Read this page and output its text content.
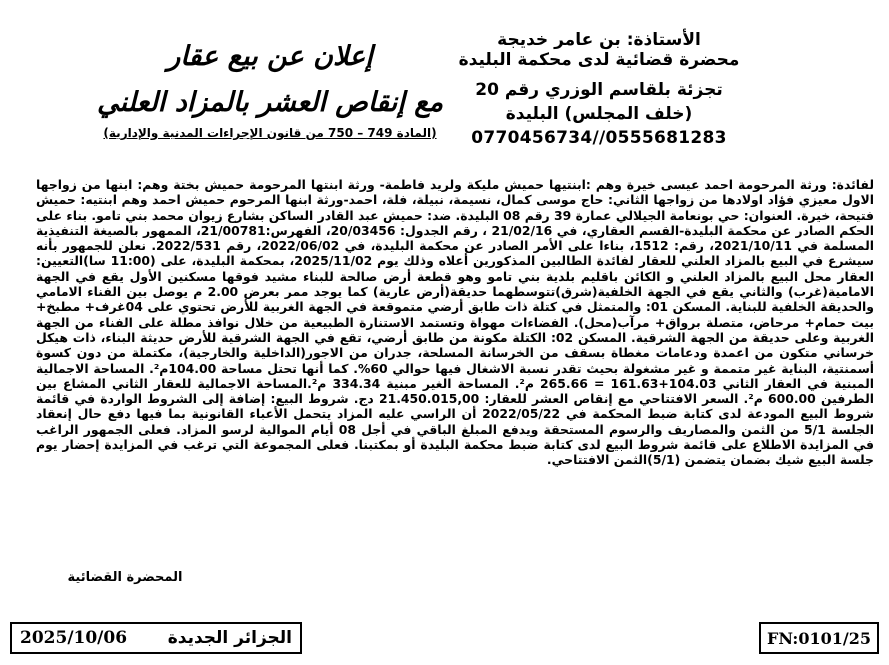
الأستاذة: بن عامر خديجة
محضرة قضائية لدى محكمة البليدة
تجزئة بلقاسم الوزري رقم 20
(خلف المجلس) البليدة
0770456734//0555681283
إعلان عن بيع عقار
مع إنقاص العشر بالمزاد العلني
(المادة 749 – 750 من قانون الإجراءات المدنية والإدارية)

لفائدة: ورثة المرحومة احمد عيسى خيرة وهم :ابنتيها حميش مليكة ولريد فاطمة- ورثة ابنتها المرحومة حميش بختة وهم: ابنها من زواجها الاول معيزي فؤاد اولادها من زواجها الثاني: حاج موسى كمال، نسيمة، نبيلة، فلة، احمد-ورثة ابنها المرحوم حميش احمد وهم ابنتيه: حميش فتيحة، خيرة. العنوان: حي بونعامة الجيلالي عمارة 39 رقم 08 البليدة. ضد: حميش عبد القادر الساكن بشارع زيوان محمد بني تامو. بناء على الحكم الصادر عن محكمة البليدة-القسم العقاري، في 21/02/16 ، رقم الجدول: 20/03456، الفهرس:21/00781، الممهور بالصيغة التنفيذية المسلمة في 2021/10/11، رقم: 1512، بناءا على الأمر الصادر عن محكمة البليدة، في 2022/06/02، رقم 2022/531. نعلن للجمهور بأنه سيشرع في البيع بالمزاد العلني للعقار لفائدة الطالبين المذكورين أعلاه وذلك يوم 2025/11/02، بمحكمة البليدة، على (11:00 سا)التعيين: العقار محل البيع بالمزاد العلني و الكائن باقليم بلدية بني تامو وهو قطعة أرض صالحة للبناء مشيد فوقها مسكنين الأول يقع في الجهة الامامية(غرب) والثاني يقع في الجهة الخلفية(شرق)تتوسطهما حديقة(أرض عارية) كما يوجد ممر بعرض 2.00 م يوصل بين الفناء الامامي والحديقة الخلفية للبناية. المسكن 01: والمتمثل في كتلة ذات طابق أرضي متموقعة في الجهة الغربية للأرض تحتوي على 04غرف+ مطبخ+ بيت حمام+ مرحاض، متصلة برواق+ مرآب(محل). الفضاءات مهواة وتستمد الاستنارة الطبيعية من خلال نوافذ مطلة على الفناء من الجهة الغربية وعلى حديقة من الجهة الشرقية. المسكن 02: الكتلة مكونة من طابق أرضي، تقع في الجهة الشرقية للأرض حديثة البناء، ذات هيكل خرساني متكون من اعمدة ودعامات مغطاة بسقف من الخرسانة المسلحة، جدران من الاجور(الداخلية والخارجية)، مكتملة من دون كسوة أسمنتية، البناية غير متممة و غير مشغولة بحيث تقدر نسبة الاشغال فيها حوالي 60%. كما أنها تحتل مساحة 104.00م². المساحة الاجمالية المبنية في العقار الثاني 104.03+161.63 = 265.66 م². المساحة الغير مبنية 334.34 م².المساحة الاجمالية للعقار الثاني المشاع بين الطرفين 600.00 م². السعر الافتتاحي مع إنقاص العشر للعقار: 21.450.015,00 دج. شروط البيع: إضافة إلى الشروط الواردة في قائمة شروط البيع المودعة لدى كتابة ضبط المحكمة في 2022/05/22 أن الراسي عليه المزاد يتحمل الأعباء القانونية بما فيها دفع حال إنعقاد الجلسة 5/1 من الثمن والمصاريف والرسوم المستحقة ويدفع المبلغ الباقي في أجل 08 أيام الموالية لرسو المزاد. فعلى الجمهور الراغب في المزايدة الاطلاع على قائمة شروط البيع لدى كتابة ضبط محكمة البليدة أو بمكتبنا. فعلى المجموعة التي ترغب في المزايدة إحضار يوم جلسة البيع شيك بضمان يتضمن (5/1)الثمن الافتتاحي.

المحضرة القضائية
2025/10/06 الجزائر الجديدة	FN:0101/25
